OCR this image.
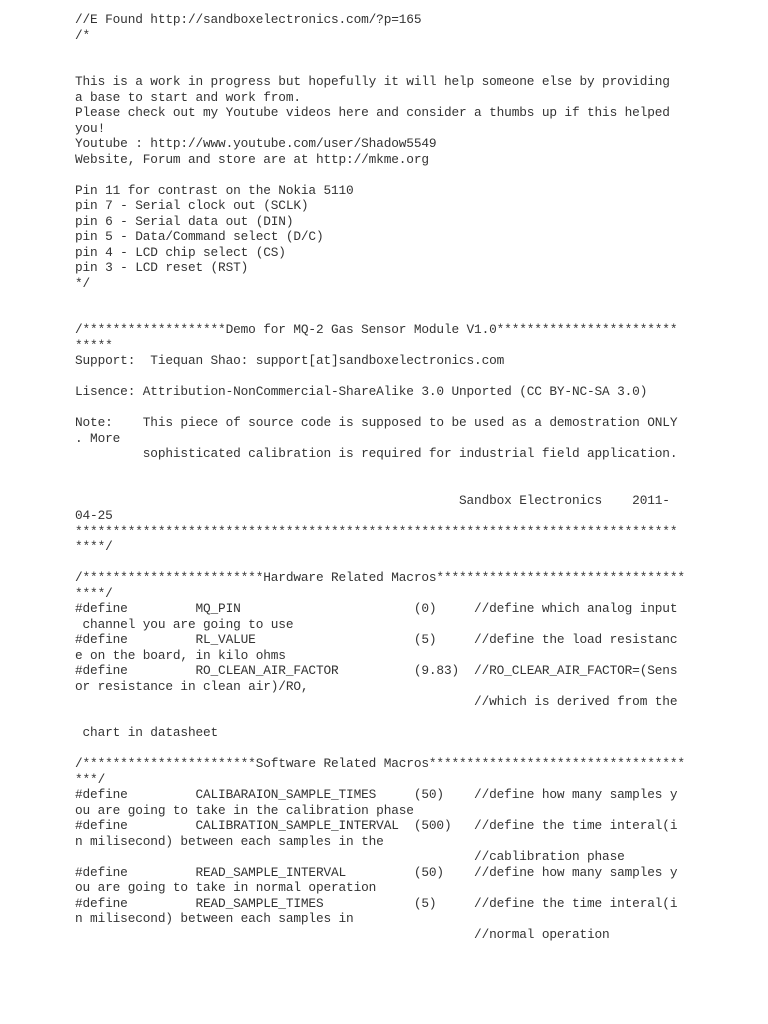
//E Found http://sandboxelectronics.com/?p=165
/*
This is a work in progress but hopefully it will help someone else by providing
a base to start and work from.
Please check out my Youtube videos here and consider a thumbs up if this helped
you!
Youtube : http://www.youtube.com/user/Shadow5549
Website, Forum and store are at http://mkme.org
Pin 11 for contrast on the Nokia 5110
pin 7 - Serial clock out (SCLK)
pin 6 - Serial data out (DIN)
pin 5 - Data/Command select (D/C)
pin 4 - LCD chip select (CS)
pin 3 - LCD reset (RST)
*/
/*******************Demo for MQ-2 Gas Sensor Module V1.0************************
*****
Support:  Tiequan Shao: support[at]sandboxelectronics.com
Lisence: Attribution-NonCommercial-ShareAlike 3.0 Unported (CC BY-NC-SA 3.0)
Note:    This piece of source code is supposed to be used as a demostration ONLY
. More
sophisticated calibration is required for industrial field application.
Sandbox Electronics    2011-
04-25
********************************************************************************
****/
/************************Hardware Related Macros*********************************
****/
#define         MQ_PIN                       (0)     //define which analog input
channel you are going to use
#define         RL_VALUE                     (5)     //define the load resistanc
e on the board, in kilo ohms
#define         RO_CLEAN_AIR_FACTOR          (9.83)  //RO_CLEAR_AIR_FACTOR=(Sens
or resistance in clean air)/RO,
//which is derived from the
chart in datasheet
/***********************Software Related Macros**********************************
***/
#define         CALIBARAION_SAMPLE_TIMES     (50)    //define how many samples y
ou are going to take in the calibration phase
#define         CALIBRATION_SAMPLE_INTERVAL  (500)   //define the time interal(i
n milisecond) between each samples in the
//cablibration phase
#define         READ_SAMPLE_INTERVAL         (50)    //define how many samples y
ou are going to take in normal operation
#define         READ_SAMPLE_TIMES            (5)     //define the time interal(i
n milisecond) between each samples in
//normal operation
